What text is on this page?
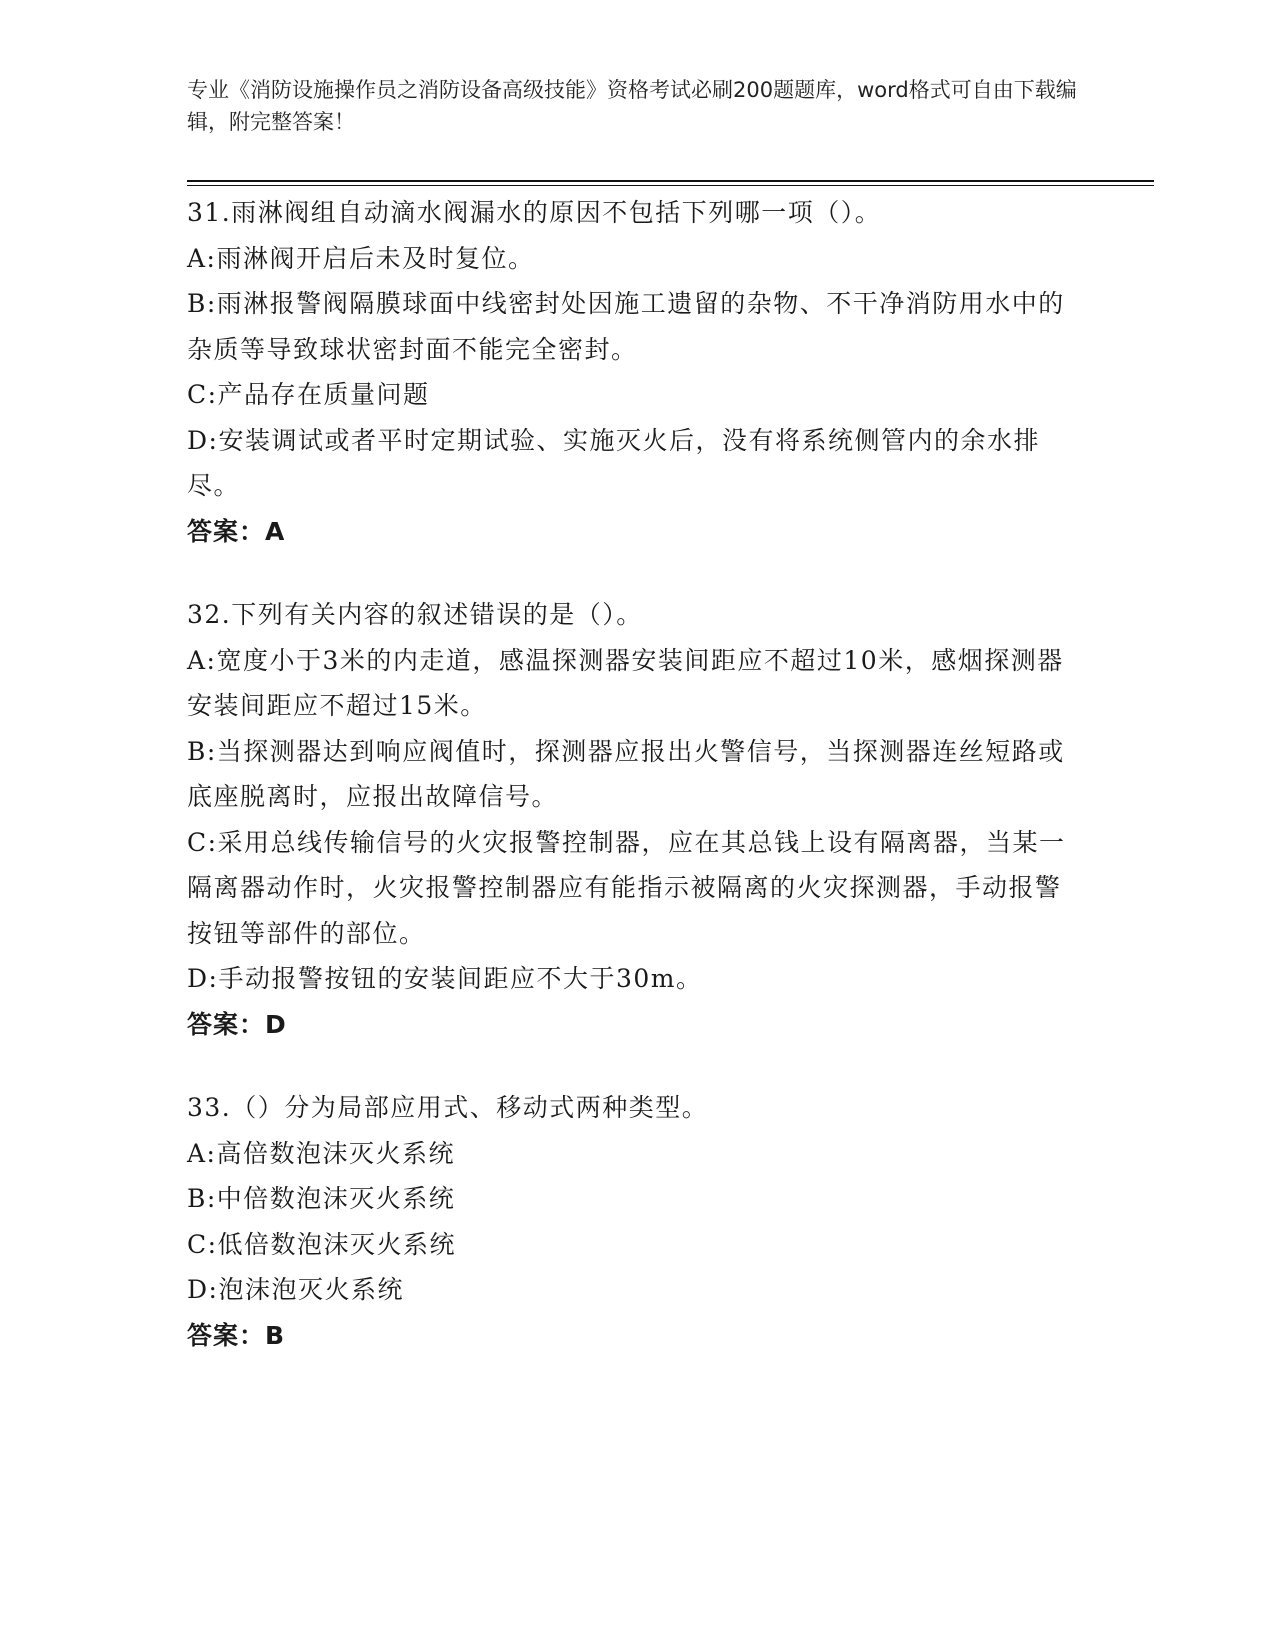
专业《消防设施操作员之消防设备高级技能》资格考试必刷200题题库，word格式可自由下载编辑，附完整答案！
31.雨淋阀组自动滴水阀漏水的原因不包括下列哪一项（）。
A:雨淋阀开启后未及时复位。
B:雨淋报警阀隔膜球面中线密封处因施工遗留的杂物、不干净消防用水中的杂质等导致球状密封面不能完全密封。
C:产品存在质量问题
D:安装调试或者平时定期试验、实施灭火后，没有将系统侧管内的余水排尽。
答案：A
32.下列有关内容的叙述错误的是（）。
A:宽度小于3米的内走道，感温探测器安装间距应不超过10米，感烟探测器安装间距应不超过15米。
B:当探测器达到响应阀值时，探测器应报出火警信号，当探测器连丝短路或底座脱离时，应报出故障信号。
C:采用总线传输信号的火灾报警控制器，应在其总钱上设有隔离器，当某一隔离器动作时，火灾报警控制器应有能指示被隔离的火灾探测器，手动报警按钮等部件的部位。
D:手动报警按钮的安装间距应不大于30m。
答案：D
33.（）分为局部应用式、移动式两种类型。
A:高倍数泡沫灭火系统
B:中倍数泡沫灭火系统
C:低倍数泡沫灭火系统
D:泡沫泡灭火系统
答案：B
